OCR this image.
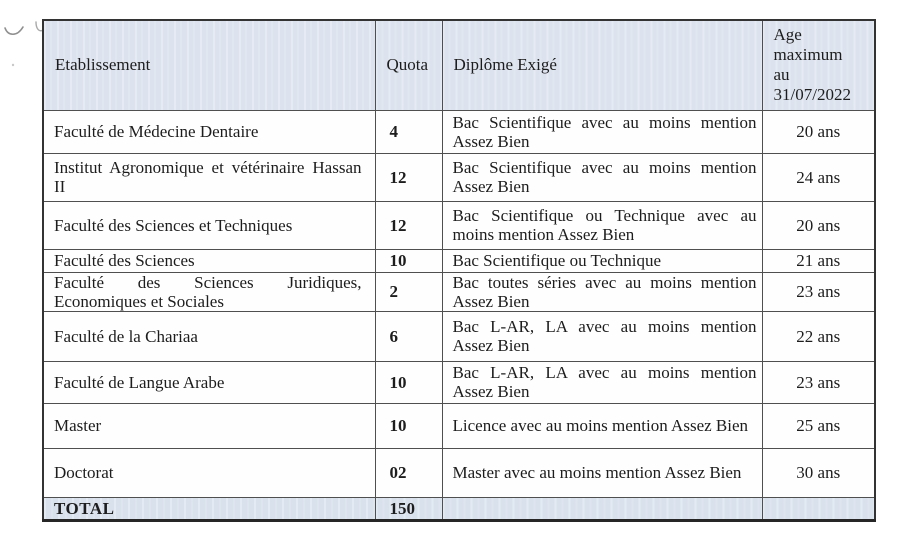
Etablissement	Quota	Diplôme Exigé	Age
maximum
au
31/07/2022

Faculté de Médecine Dentaire	4	Bac Scientifique avec au moins mention Assez Bien	20 ans
Institut Agronomique et vétérinaire Hassan II	12	Bac Scientifique avec au moins mention Assez Bien	24 ans
Faculté des Sciences et Techniques	12	Bac Scientifique ou Technique avec au moins mention Assez Bien	20 ans
Faculté des Sciences	10	Bac Scientifique ou Technique	21 ans
Faculté des Sciences Juridiques, Economiques et Sociales	2	Bac toutes séries avec au moins mention Assez Bien	23 ans
Faculté de la Chariaa	6	Bac L-AR, LA avec au moins mention Assez Bien	22 ans
Faculté de Langue Arabe	10	Bac L-AR, LA avec au moins mention Assez Bien	23 ans
Master	10	Licence avec au moins mention Assez Bien	25 ans
Doctorat	02	Master avec au moins mention Assez Bien	30 ans
TOTAL	150		
